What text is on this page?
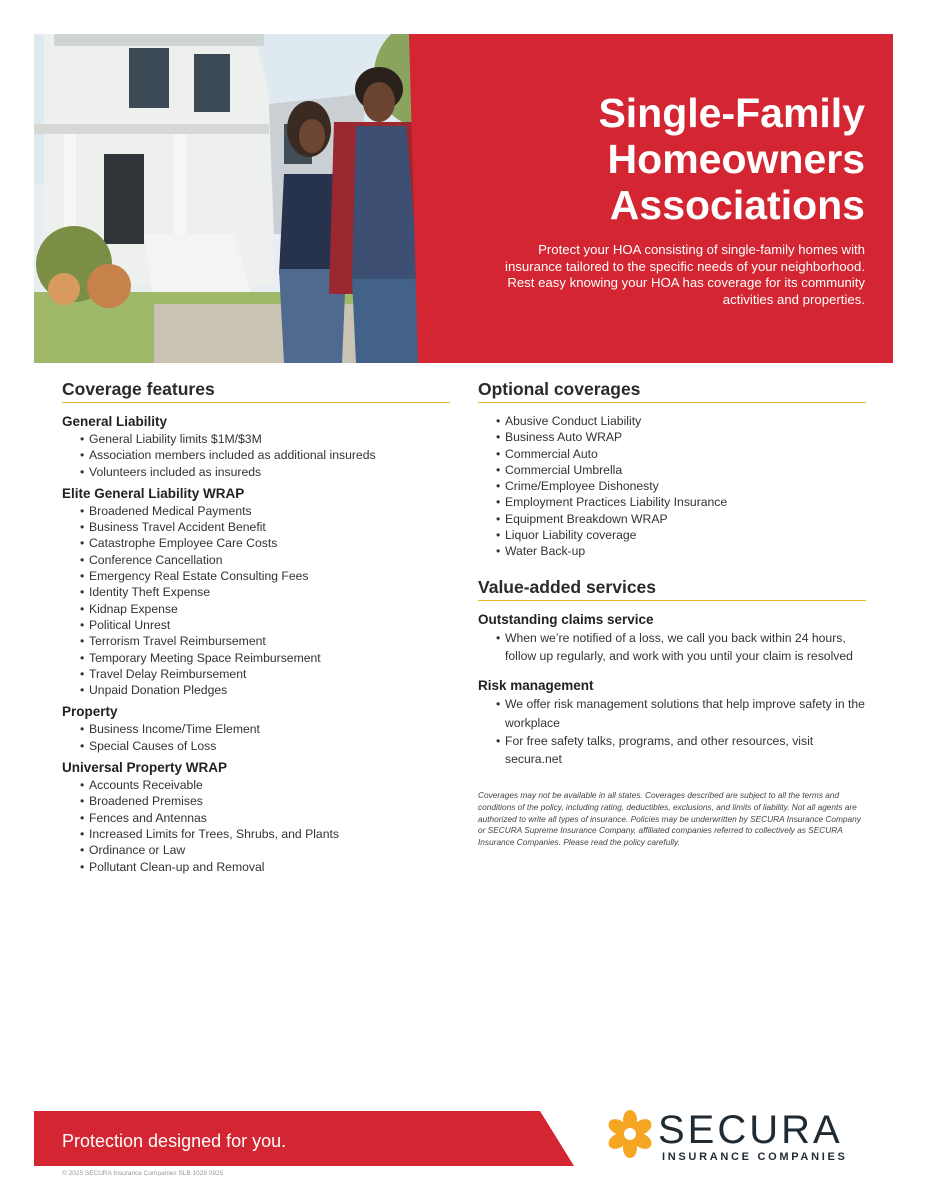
Single-Family
Homeowners
Associations

Protect your HOA consisting of single-family homes with insurance tailored to the specific needs of your neighborhood. Rest easy knowing your HOA has coverage for its community activities and properties.

Coverage features
General Liability
• General Liability limits $1M/$3M
• Association members included as additional insureds
• Volunteers included as insureds
Elite General Liability WRAP
• Broadened Medical Payments
• Business Travel Accident Benefit
• Catastrophe Employee Care Costs
• Conference Cancellation
• Emergency Real Estate Consulting Fees
• Identity Theft Expense
• Kidnap Expense
• Political Unrest
• Terrorism Travel Reimbursement
• Temporary Meeting Space Reimbursement
• Travel Delay Reimbursement
• Unpaid Donation Pledges
Property
• Business Income/Time Element
• Special Causes of Loss
Universal Property WRAP
• Accounts Receivable
• Broadened Premises
• Fences and Antennas
• Increased Limits for Trees, Shrubs, and Plants
• Ordinance or Law
• Pollutant Clean-up and Removal
Optional coverages
• Abusive Conduct Liability
• Business Auto WRAP
• Commercial Auto
• Commercial Umbrella
• Crime/Employee Dishonesty
• Employment Practices Liability Insurance
• Equipment Breakdown WRAP
• Liquor Liability coverage
• Water Back-up
Value-added services
Outstanding claims service
• When we’re notified of a loss, we call you back within 24 hours, follow up regularly, and work with you until your claim is resolved
Risk management
• We offer risk management solutions that help improve safety in the workplace
• For free safety talks, programs, and other resources, visit secura.net

Coverages may not be available in all states. Coverages described are subject to all the terms and conditions of the policy, including rating, deductibles, exclusions, and limits of liability. Not all agents are authorized to write all types of insurance. Policies may be underwritten by SECURA Insurance Company or SECURA Supreme Insurance Company, affiliated companies referred to collectively as SECURA Insurance Companies. Please read the policy carefully.

Protection designed for you.

© 2025 SECURA Insurance Companies SLB 1028 0925

SECURA

INSURANCE COMPANIES
